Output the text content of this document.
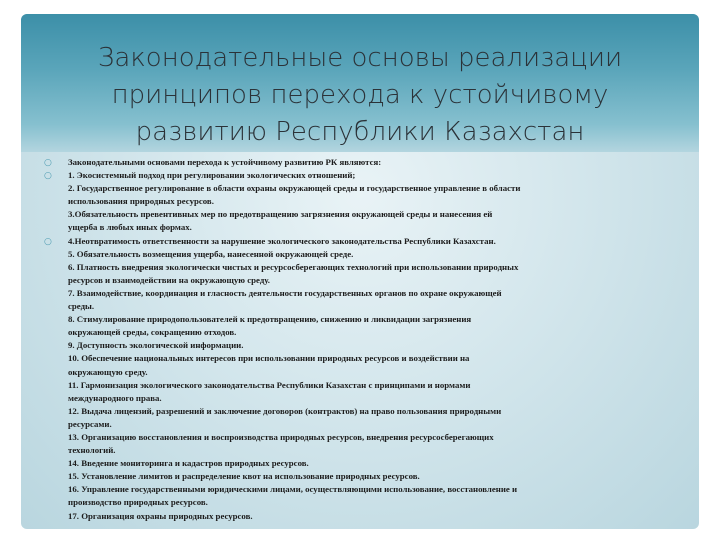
Законодательные основы реализации
принципов перехода к устойчивому
развитию Республики Казахстан
○ Законодательными основами перехода к устойчивому развитию РК являются:
○ 1. Экосистемный подход при регулировании экологических отношений;
2. Государственное регулирование в области охраны окружающей среды и государственное управление в области
использования природных ресурсов.
3.Обязательность превентивных мер по предотвращению загрязнения окружающей среды и нанесения ей
ущерба в любых иных формах.
○ 4.Неотвратимость ответственности за нарушение экологического законодательства Республики Казахстан.
5. Обязательность возмещения ущерба, нанесенной окружающей среде.
6. Платность внедрения экологически чистых и ресурсосберегающих технологий при использовании природных
ресурсов и взаимодействии на окружающую среду.
7. Взаимодействие, координация и гласность деятельности государственных органов по охране окружающей
среды.
8. Стимулирование природопользователей к предотвращению, снижению и ликвидации загрязнения
окружающей среды, сокращению отходов.
9. Доступность экологической информации.
10. Обеспечение национальных интересов при использовании природных ресурсов и воздействии на
окружающую среду.
11. Гармонизация экологического законодательства Республики Казахстан с принципами и нормами
международного права.
12. Выдача лицензий, разрешений и заключение договоров (контрактов) на право пользования природными
ресурсами.
13. Организацию восстановления и воспроизводства природных ресурсов, внедрения ресурсосберегающих
технологий.
14. Введение мониторинга и кадастров природных ресурсов.
15. Установление лимитов и распределение квот на использование природных ресурсов.
16. Управление государственными юридическими лицами, осуществляющими использование, восстановление и
производство природных ресурсов.
17. Организация охраны природных ресурсов.
